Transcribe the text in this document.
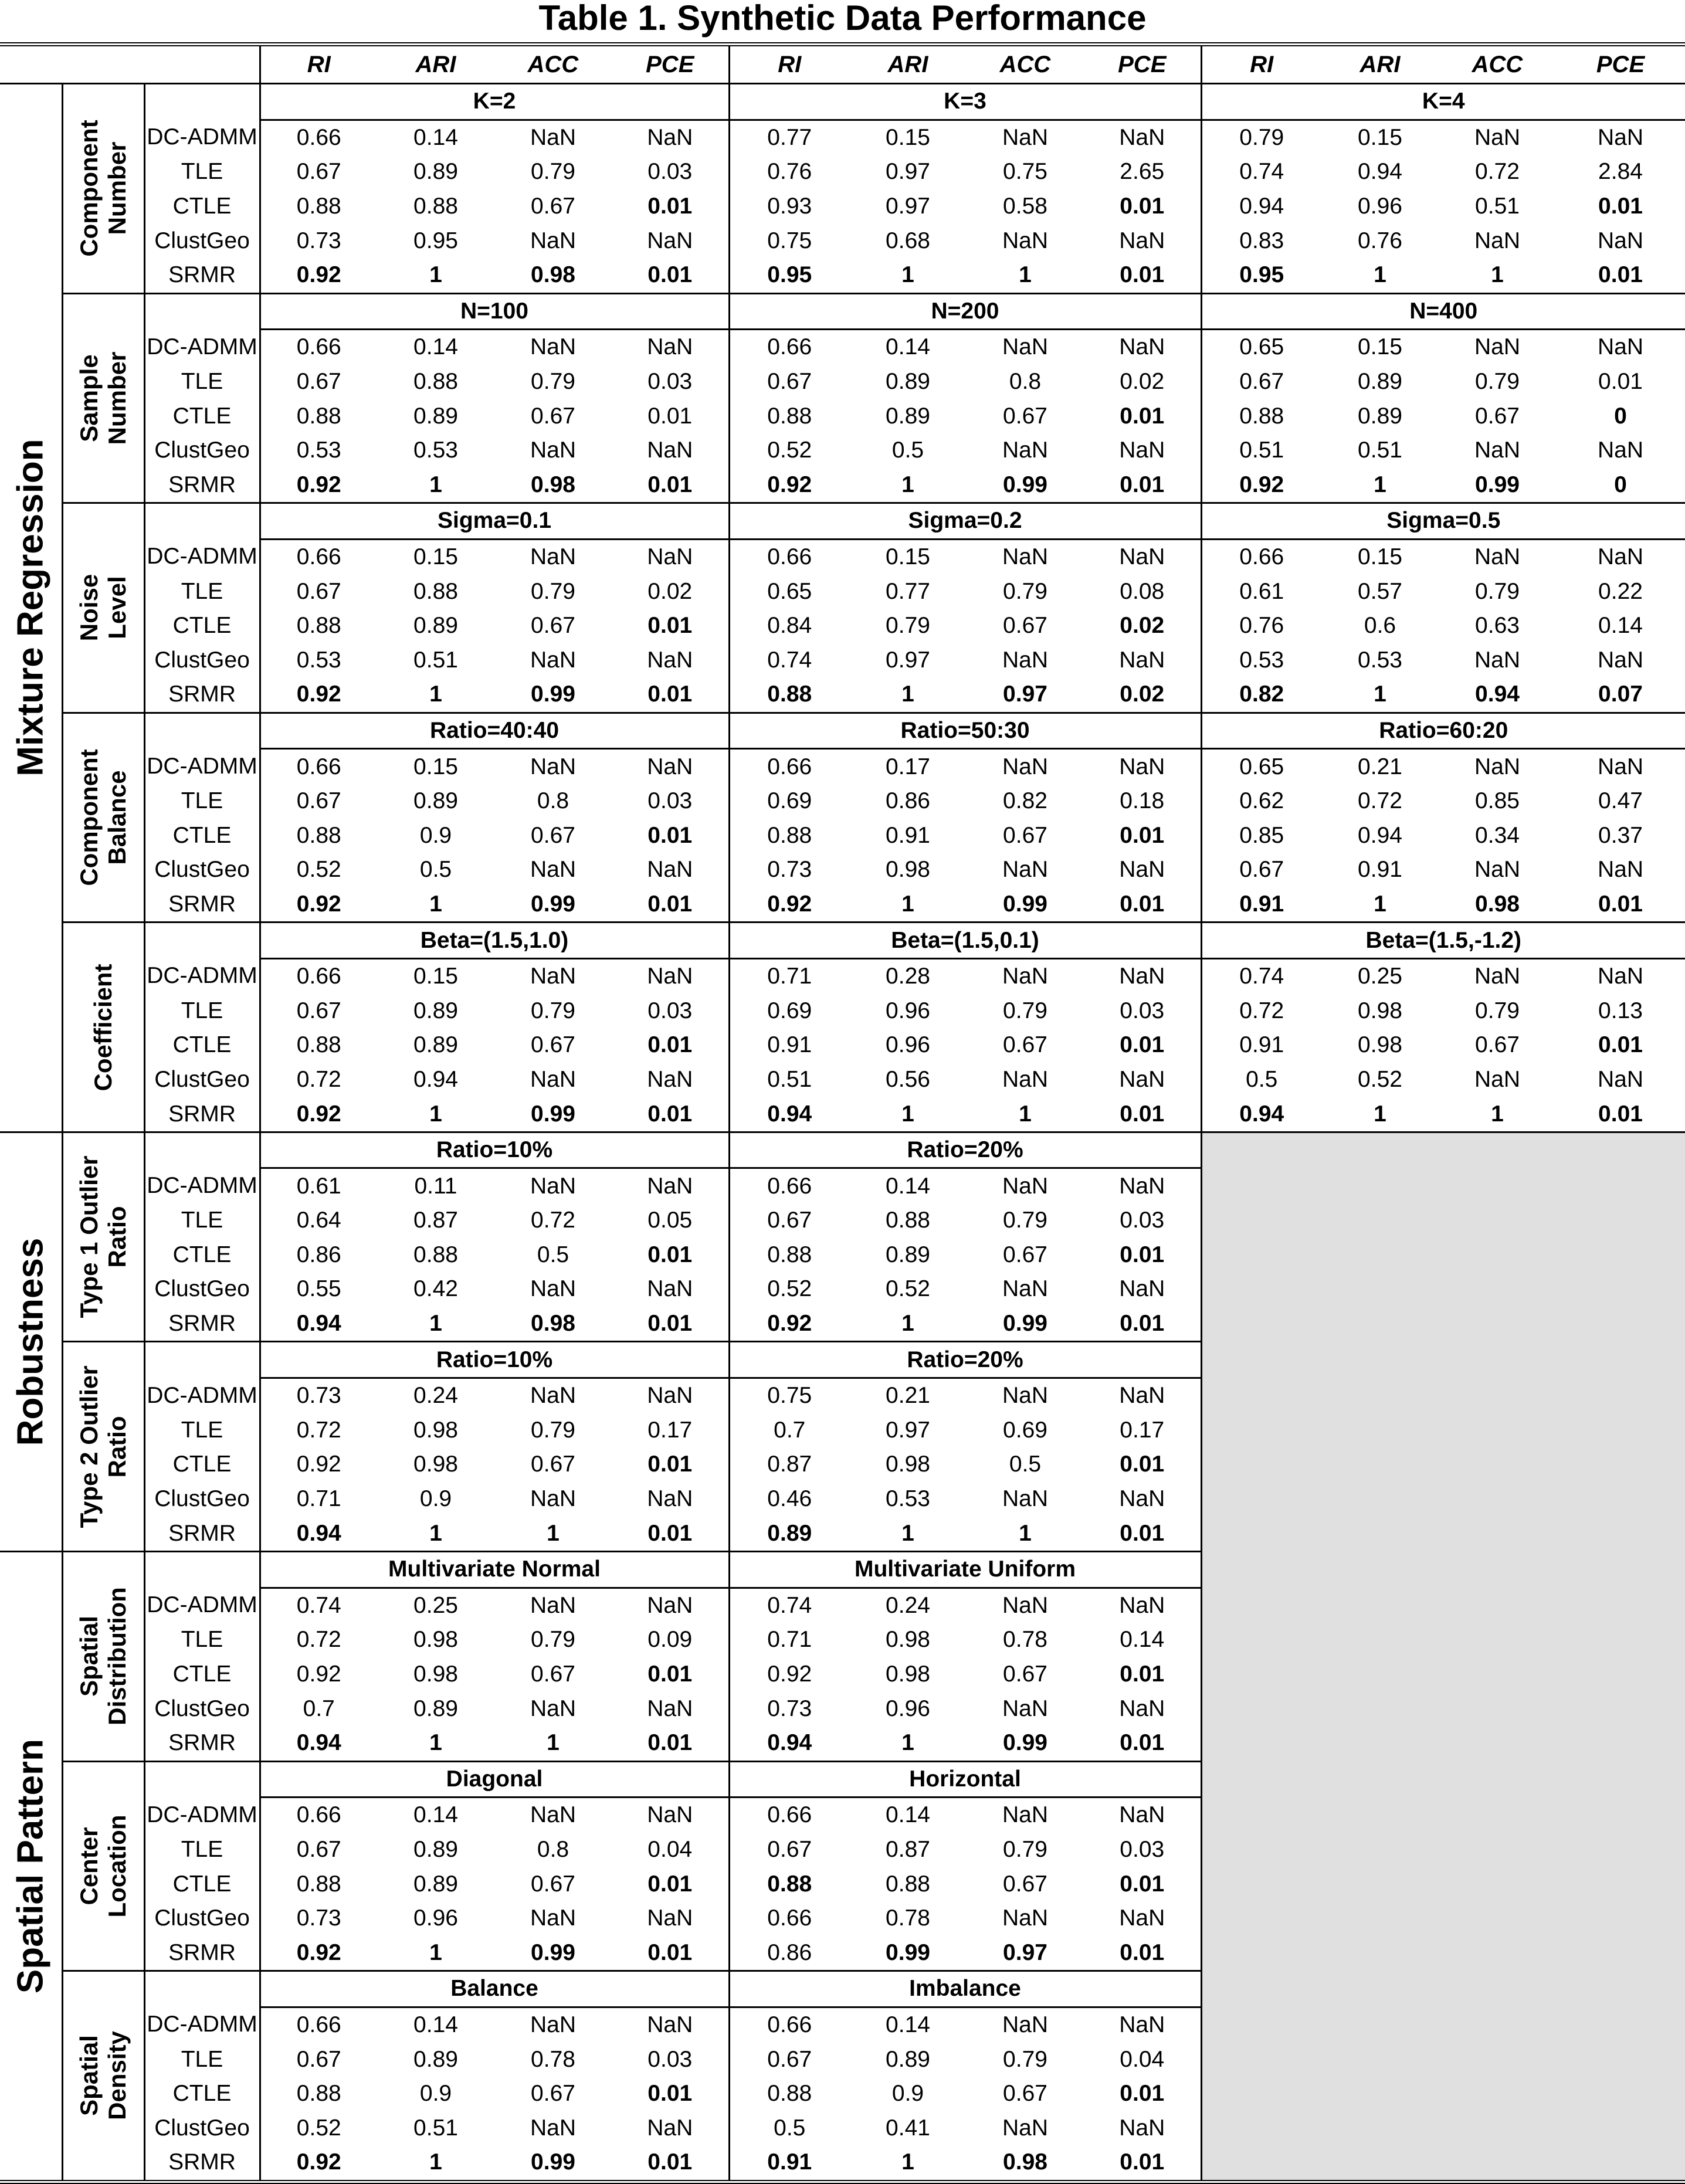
Table 1. Synthetic Data Performance
			RI	ARI	ACC	PCE	RI	ARI	ACC	PCE	RI	ARI	ACC	PCE

Mixture Regression	Component Number		K=2				K=3				K=4			
		DC-ADMM	0.66	0.14	NaN	NaN	0.77	0.15	NaN	NaN	0.79	0.15	NaN	NaN
		TLE	0.67	0.89	0.79	0.03	0.76	0.97	0.75	2.65	0.74	0.94	0.72	2.84
		CTLE	0.88	0.88	0.67	0.01	0.93	0.97	0.58	0.01	0.94	0.96	0.51	0.01
		ClustGeo	0.73	0.95	NaN	NaN	0.75	0.68	NaN	NaN	0.83	0.76	NaN	NaN
		SRMR	0.92	1	0.98	0.01	0.95	1	1	0.01	0.95	1	1	0.01

	Sample Number		N=100				N=200				N=400			
		DC-ADMM	0.66	0.14	NaN	NaN	0.66	0.14	NaN	NaN	0.65	0.15	NaN	NaN
		TLE	0.67	0.88	0.79	0.03	0.67	0.89	0.8	0.02	0.67	0.89	0.79	0.01
		CTLE	0.88	0.89	0.67	0.01	0.88	0.89	0.67	0.01	0.88	0.89	0.67	0
		ClustGeo	0.53	0.53	NaN	NaN	0.52	0.5	NaN	NaN	0.51	0.51	NaN	NaN
		SRMR	0.92	1	0.98	0.01	0.92	1	0.99	0.01	0.92	1	0.99	0

	Noise Level		Sigma=0.1				Sigma=0.2				Sigma=0.5			
		DC-ADMM	0.66	0.15	NaN	NaN	0.66	0.15	NaN	NaN	0.66	0.15	NaN	NaN
		TLE	0.67	0.88	0.79	0.02	0.65	0.77	0.79	0.08	0.61	0.57	0.79	0.22
		CTLE	0.88	0.89	0.67	0.01	0.84	0.79	0.67	0.02	0.76	0.6	0.63	0.14
		ClustGeo	0.53	0.51	NaN	NaN	0.74	0.97	NaN	NaN	0.53	0.53	NaN	NaN
		SRMR	0.92	1	0.99	0.01	0.88	1	0.97	0.02	0.82	1	0.94	0.07

	Component Balance		Ratio=40:40				Ratio=50:30				Ratio=60:20			
		DC-ADMM	0.66	0.15	NaN	NaN	0.66	0.17	NaN	NaN	0.65	0.21	NaN	NaN
		TLE	0.67	0.89	0.8	0.03	0.69	0.86	0.82	0.18	0.62	0.72	0.85	0.47
		CTLE	0.88	0.9	0.67	0.01	0.88	0.91	0.67	0.01	0.85	0.94	0.34	0.37
		ClustGeo	0.52	0.5	NaN	NaN	0.73	0.98	NaN	NaN	0.67	0.91	NaN	NaN
		SRMR	0.92	1	0.99	0.01	0.92	1	0.99	0.01	0.91	1	0.98	0.01

	Coefficient		Beta=(1.5,1.0)				Beta=(1.5,0.1)				Beta=(1.5,-1.2)			
		DC-ADMM	0.66	0.15	NaN	NaN	0.71	0.28	NaN	NaN	0.74	0.25	NaN	NaN
		TLE	0.67	0.89	0.79	0.03	0.69	0.96	0.79	0.03	0.72	0.98	0.79	0.13
		CTLE	0.88	0.89	0.67	0.01	0.91	0.96	0.67	0.01	0.91	0.98	0.67	0.01
		ClustGeo	0.72	0.94	NaN	NaN	0.51	0.56	NaN	NaN	0.5	0.52	NaN	NaN
		SRMR	0.92	1	0.99	0.01	0.94	1	1	0.01	0.94	1	1	0.01

Robustness	Type 1 Outlier Ratio		Ratio=10%				Ratio=20%							
		DC-ADMM	0.61	0.11	NaN	NaN	0.66	0.14	NaN	NaN				
		TLE	0.64	0.87	0.72	0.05	0.67	0.88	0.79	0.03				
		CTLE	0.86	0.88	0.5	0.01	0.88	0.89	0.67	0.01				
		ClustGeo	0.55	0.42	NaN	NaN	0.52	0.52	NaN	NaN				
		SRMR	0.94	1	0.98	0.01	0.92	1	0.99	0.01				

	Type 2 Outlier Ratio		Ratio=10%				Ratio=20%							
		DC-ADMM	0.73	0.24	NaN	NaN	0.75	0.21	NaN	NaN				
		TLE	0.72	0.98	0.79	0.17	0.7	0.97	0.69	0.17				
		CTLE	0.92	0.98	0.67	0.01	0.87	0.98	0.5	0.01				
		ClustGeo	0.71	0.9	NaN	NaN	0.46	0.53	NaN	NaN				
		SRMR	0.94	1	1	0.01	0.89	1	1	0.01				

Spatial Pattern	Spatial Distribution		Multivariate Normal				Multivariate Uniform							
		DC-ADMM	0.74	0.25	NaN	NaN	0.74	0.24	NaN	NaN				
		TLE	0.72	0.98	0.79	0.09	0.71	0.98	0.78	0.14				
		CTLE	0.92	0.98	0.67	0.01	0.92	0.98	0.67	0.01				
		ClustGeo	0.7	0.89	NaN	NaN	0.73	0.96	NaN	NaN				
		SRMR	0.94	1	1	0.01	0.94	1	0.99	0.01				

	Center Location		Diagonal				Horizontal							
		DC-ADMM	0.66	0.14	NaN	NaN	0.66	0.14	NaN	NaN				
		TLE	0.67	0.89	0.8	0.04	0.67	0.87	0.79	0.03				
		CTLE	0.88	0.89	0.67	0.01	0.88	0.88	0.67	0.01				
		ClustGeo	0.73	0.96	NaN	NaN	0.66	0.78	NaN	NaN				
		SRMR	0.92	1	0.99	0.01	0.86	0.99	0.97	0.01				

	Spatial Density		Balance				Imbalance							
		DC-ADMM	0.66	0.14	NaN	NaN	0.66	0.14	NaN	NaN				
		TLE	0.67	0.89	0.78	0.03	0.67	0.89	0.79	0.04				
		CTLE	0.88	0.9	0.67	0.01	0.88	0.9	0.67	0.01				
		ClustGeo	0.52	0.51	NaN	NaN	0.5	0.41	NaN	NaN				
		SRMR	0.92	1	0.99	0.01	0.91	1	0.98	0.01				
